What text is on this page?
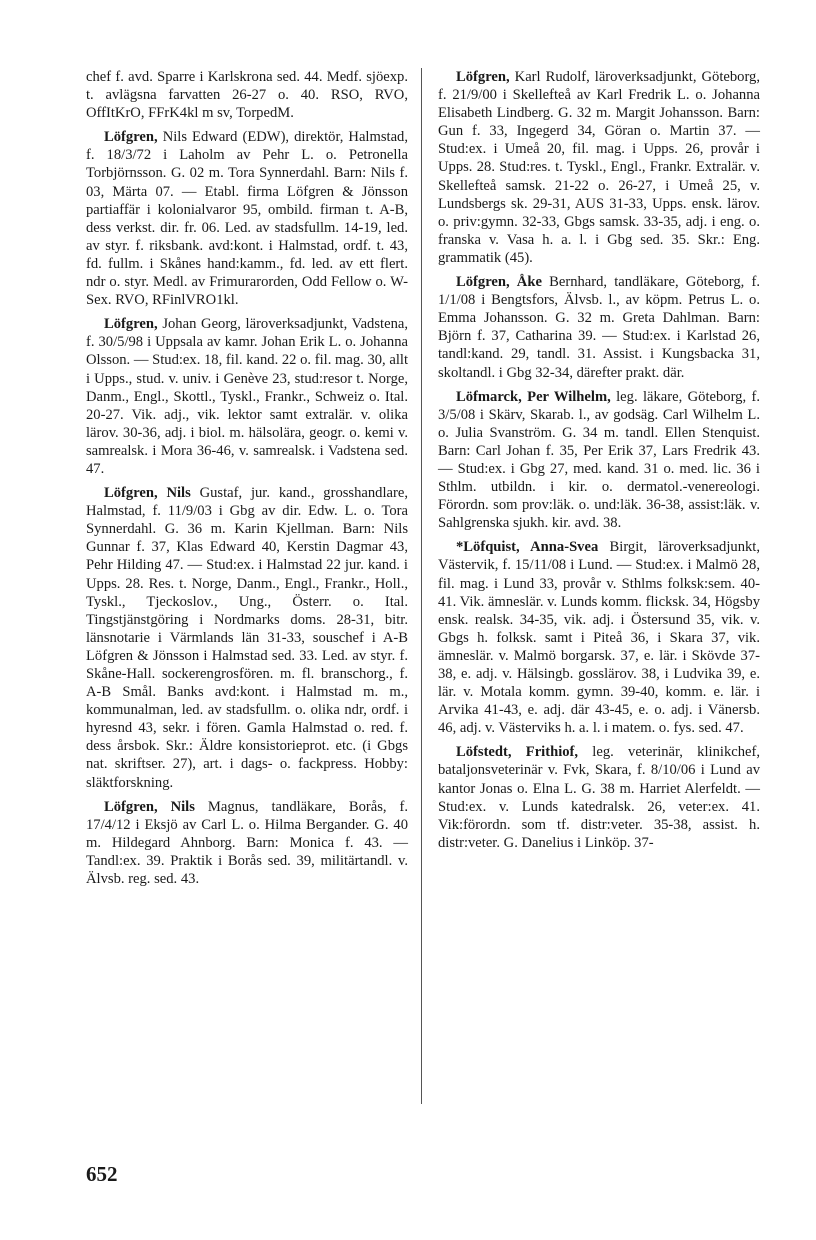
chef f. avd. Sparre i Karlskrona sed. 44. Medf. sjöexp. t. avlägsna farvatten 26-27 o. 40. RSO, RVO, OffItKrO, FFrK4kl m sv, TorpedM.

Löfgren, Nils Edward (EDW), direktör, Halmstad, f. 18/3/72 i Laholm av Pehr L. o. Petronella Torbjörnsson. G. 02 m. Tora Synnerdahl. Barn: Nils f. 03, Märta 07. — Etabl. firma Löfgren & Jönsson partiaffär i kolonialvaror 95, ombild. firman t. A-B, dess verkst. dir. fr. 06. Led. av stadsfullm. 14-19, led. av styr. f. riksbank. avd:kont. i Halmstad, ordf. t. 43, fd. fullm. i Skånes hand:kamm., fd. led. av ett flert. ndr o. styr. Medl. av Frimurarorden, Odd Fellow o. W-Sex. RVO, RFinlVRO1kl.

Löfgren, Johan Georg, läroverksadjunkt, Vadstena, f. 30/5/98 i Uppsala av kamr. Johan Erik L. o. Johanna Olsson. — Stud:ex. 18, fil. kand. 22 o. fil. mag. 30, allt i Upps., stud. v. univ. i Genève 23, stud:resor t. Norge, Danm., Engl., Skottl., Tyskl., Frankr., Schweiz o. Ital. 20-27. Vik. adj., vik. lektor samt extralär. v. olika lärov. 30-36, adj. i biol. m. hälsolära, geogr. o. kemi v. samrealsk. i Mora 36-46, v. samrealsk. i Vadstena sed. 47.

Löfgren, Nils Gustaf, jur. kand., grosshandlare, Halmstad, f. 11/9/03 i Gbg av dir. Edw. L. o. Tora Synnerdahl. G. 36 m. Karin Kjellman. Barn: Nils Gunnar f. 37, Klas Edward 40, Kerstin Dagmar 43, Pehr Hilding 47. — Stud:ex. i Halmstad 22 jur. kand. i Upps. 28. Res. t. Norge, Danm., Engl., Frankr., Holl., Tyskl., Tjeckoslov., Ung., Österr. o. Ital. Tingstjänstgöring i Nordmarks doms. 28-31, bitr. länsnotarie i Värmlands län 31-33, souschef i A-B Löfgren & Jönsson i Halmstad sed. 33. Led. av styr. f. Skåne-Hall. sockerengrosfören. m. fl. branschorg., f. A-B Smål. Banks avd:kont. i Halmstad m. m., kommunalman, led. av stadsfullm. o. olika ndr, ordf. i hyresnd 43, sekr. i fören. Gamla Halmstad o. red. f. dess årsbok. Skr.: Äldre konsistorieprot. etc. (i Gbgs nat. skriftser. 27), art. i dags- o. fackpress. Hobby: släktforskning.

Löfgren, Nils Magnus, tandläkare, Borås, f. 17/4/12 i Eksjö av Carl L. o. Hilma Bergander. G. 40 m. Hildegard Ahnborg. Barn: Monica f. 43. — Tandl:ex. 39. Praktik i Borås sed. 39, militärtandl. v. Älvsb. reg. sed. 43.

Löfgren, Karl Rudolf, läroverksadjunkt, Göteborg, f. 21/9/00 i Skellefteå av Karl Fredrik L. o. Johanna Elisabeth Lindberg. G. 32 m. Margit Johansson. Barn: Gun f. 33, Ingegerd 34, Göran o. Martin 37. — Stud:ex. i Umeå 20, fil. mag. i Upps. 26, provår i Upps. 28. Stud:res. t. Tyskl., Engl., Frankr. Extralär. v. Skellefteå samsk. 21-22 o. 26-27, i Umeå 25, v. Lundsbergs sk. 29-31, AUS 31-33, Upps. ensk. lärov. o. priv:gymn. 32-33, Gbgs samsk. 33-35, adj. i eng. o. franska v. Vasa h. a. l. i Gbg sed. 35. Skr.: Eng. grammatik (45).

Löfgren, Åke Bernhard, tandläkare, Göteborg, f. 1/1/08 i Bengtsfors, Älvsb. l., av köpm. Petrus L. o. Emma Johansson. G. 32 m. Greta Dahlman. Barn: Björn f. 37, Catharina 39. — Stud:ex. i Karlstad 26, tandl:kand. 29, tandl. 31. Assist. i Kungsbacka 31, skoltandl. i Gbg 32-34, därefter prakt. där.

Löfmarck, Per Wilhelm, leg. läkare, Göteborg, f. 3/5/08 i Skärv, Skarab. l., av godsäg. Carl Wilhelm L. o. Julia Svanström. G. 34 m. tandl. Ellen Stenquist. Barn: Carl Johan f. 35, Per Erik 37, Lars Fredrik 43. — Stud:ex. i Gbg 27, med. kand. 31 o. med. lic. 36 i Sthlm. utbildn. i kir. o. dermatol.-venereologi. Förordn. som prov:läk. o. und:läk. 36-38, assist:läk. v. Sahlgrenska sjukh. kir. avd. 38.

*Löfquist, Anna-Svea Birgit, läroverksadjunkt, Västervik, f. 15/11/08 i Lund. — Stud:ex. i Malmö 28, fil. mag. i Lund 33, provår v. Sthlms folksk:sem. 40-41. Vik. ämneslär. v. Lunds komm. flicksk. 34, Högsby ensk. realsk. 34-35, vik. adj. i Östersund 35, vik. v. Gbgs h. folksk. samt i Piteå 36, i Skara 37, vik. ämneslär. v. Malmö borgarsk. 37, e. lär. i Skövde 37-38, e. adj. v. Hälsingb. gosslärov. 38, i Ludvika 39, e. lär. v. Motala komm. gymn. 39-40, komm. e. lär. i Arvika 41-43, e. adj. där 43-45, e. o. adj. i Vänersb. 46, adj. v. Västerviks h. a. l. i matem. o. fys. sed. 47.

Löfstedt, Frithiof, leg. veterinär, klinikchef, bataljonsveterinär v. Fvk, Skara, f. 8/10/06 i Lund av kantor Jonas o. Elna L. G. 38 m. Harriet Alerfeldt. — Stud:ex. v. Lunds katedralsk. 26, veter:ex. 41. Vik:förordn. som tf. distr:veter. 35-38, assist. h. distr:veter. G. Danelius i Linköp. 37-

652
